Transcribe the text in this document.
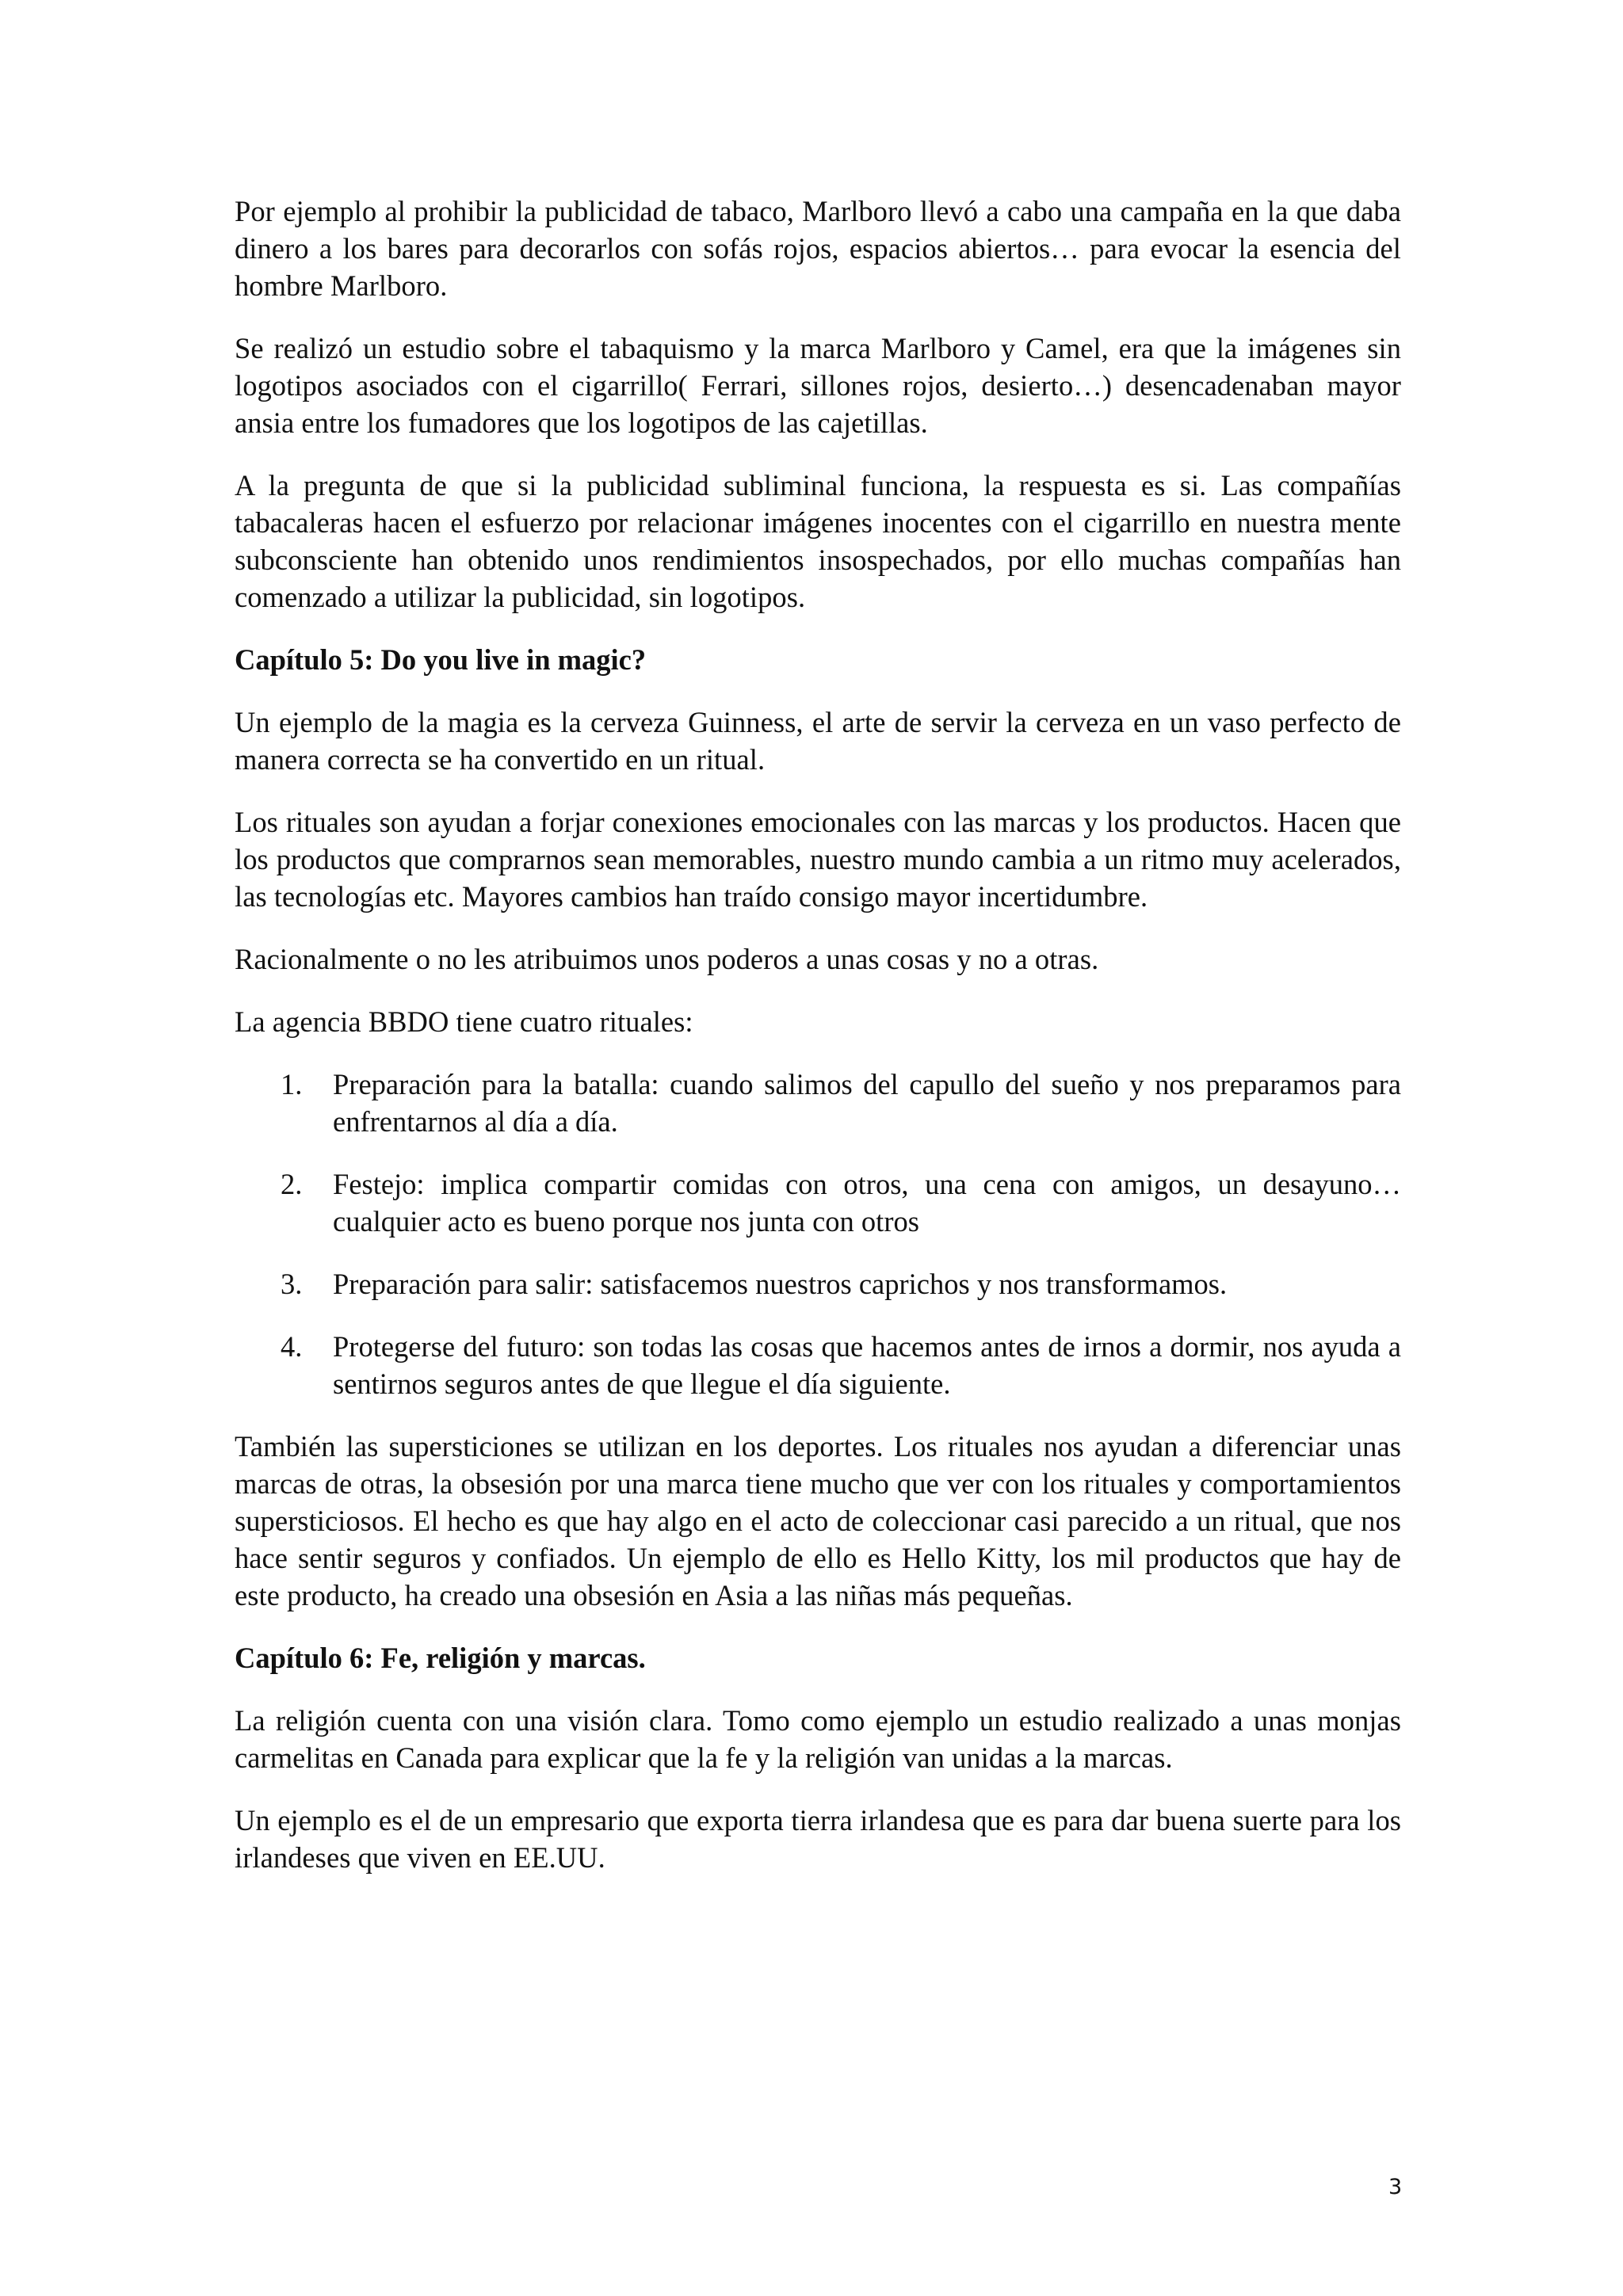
Por ejemplo al prohibir la publicidad de tabaco, Marlboro llevó a cabo una campaña en la que daba dinero a los bares para decorarlos con sofás rojos, espacios abiertos… para evocar la esencia del hombre Marlboro.

Se realizó un estudio sobre el tabaquismo y la marca Marlboro y Camel, era que la imágenes sin logotipos asociados con el cigarrillo( Ferrari, sillones rojos, desierto…) desencadenaban mayor ansia entre los fumadores que los logotipos de las cajetillas.

A la pregunta de que si la publicidad subliminal funciona, la respuesta es si. Las compañías tabacaleras hacen el esfuerzo por relacionar imágenes inocentes con el cigarrillo en nuestra mente subconsciente han obtenido unos rendimientos insospechados, por ello muchas compañías han comenzado a utilizar la publicidad, sin logotipos.

Capítulo 5: Do you live in magic?

Un ejemplo de la magia es la cerveza Guinness, el arte de servir la cerveza en un vaso perfecto de manera correcta se ha convertido en un ritual.

Los rituales son ayudan a forjar conexiones emocionales con las marcas y los productos. Hacen que los productos que comprarnos sean memorables, nuestro mundo cambia a un ritmo muy acelerados, las tecnologías etc. Mayores cambios han traído consigo mayor incertidumbre.

Racionalmente o no les atribuimos unos poderos a unas cosas y no a otras.

La agencia BBDO tiene cuatro rituales:

1.	Preparación para la batalla: cuando salimos del capullo del sueño y nos preparamos para enfrentarnos al día a día.
2.	Festejo: implica compartir comidas con otros, una cena con amigos, un desayuno… cualquier acto es bueno porque nos junta con otros
3.	Preparación para salir: satisfacemos nuestros caprichos y nos transformamos.
4.	Protegerse del futuro: son todas las cosas que hacemos antes de irnos a dormir, nos ayuda a sentirnos seguros antes de que llegue el día siguiente.

También las supersticiones se utilizan en los deportes. Los rituales nos ayudan a diferenciar unas marcas de otras, la obsesión por una marca tiene mucho que ver con los rituales y comportamientos supersticiosos. El hecho es que hay algo en el acto de coleccionar casi parecido a un ritual, que nos hace sentir seguros y confiados. Un ejemplo de ello es Hello Kitty, los mil productos que hay de este producto, ha creado una obsesión en Asia a las niñas más pequeñas.

Capítulo 6: Fe, religión y marcas.

La religión cuenta con una visión clara. Tomo como ejemplo un estudio realizado a unas monjas carmelitas en Canada para explicar que la fe y la religión van unidas a la marcas.

Un ejemplo es el de un empresario que exporta tierra irlandesa que es para dar buena suerte para los irlandeses que viven en EE.UU.

3
